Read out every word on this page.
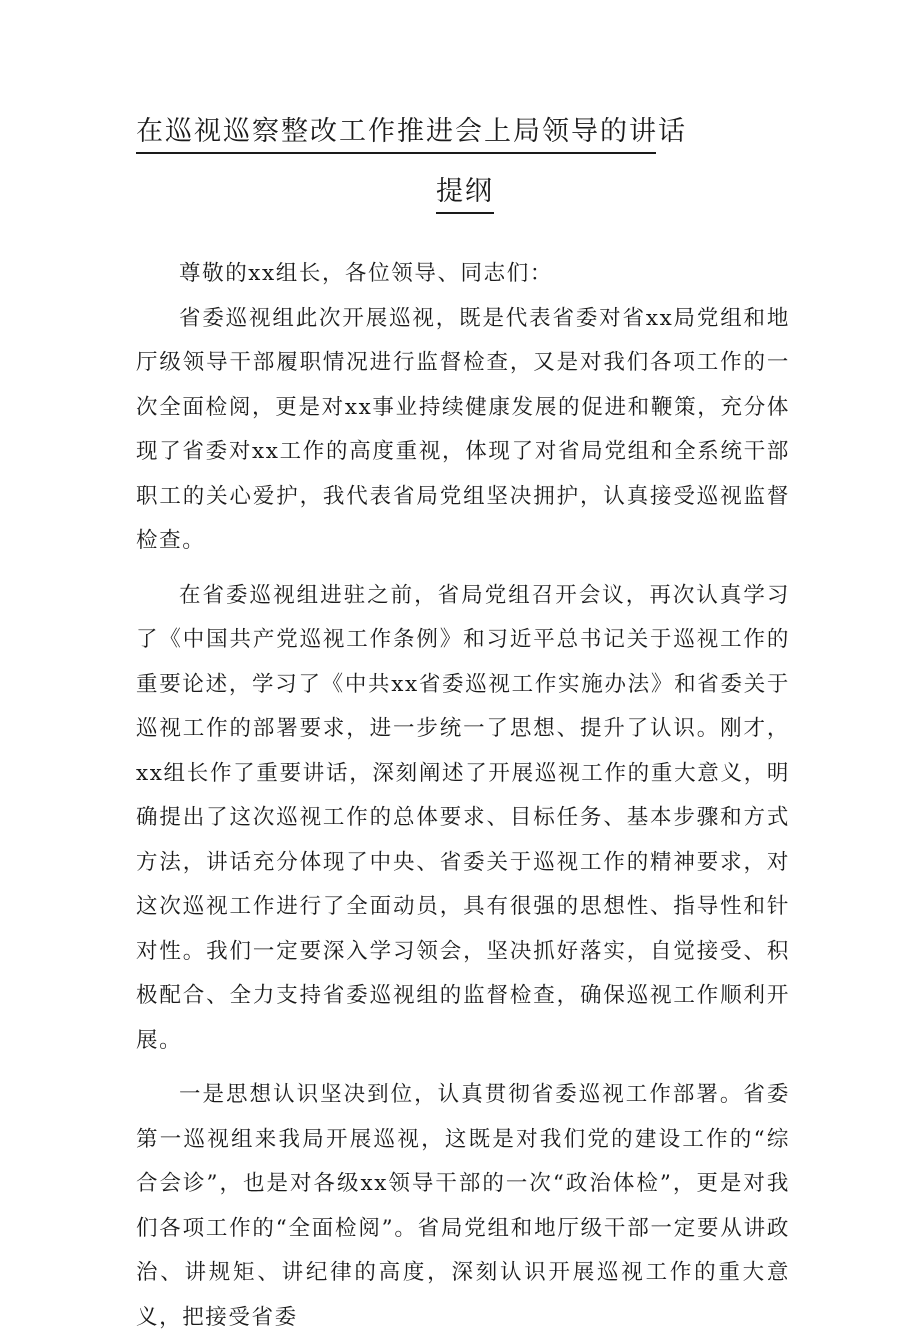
在巡视巡察整改工作推进会上局领导的讲话
提纲

尊敬的xx组长，各位领导、同志们：

省委巡视组此次开展巡视，既是代表省委对省xx局党组和地厅级领导干部履职情况进行监督检查，又是对我们各项工作的一次全面检阅，更是对xx事业持续健康发展的促进和鞭策，充分体现了省委对xx工作的高度重视，体现了对省局党组和全系统干部职工的关心爱护，我代表省局党组坚决拥护，认真接受巡视监督检查。

在省委巡视组进驻之前，省局党组召开会议，再次认真学习了《中国共产党巡视工作条例》和习近平总书记关于巡视工作的重要论述，学习了《中共xx省委巡视工作实施办法》和省委关于巡视工作的部署要求，进一步统一了思想、提升了认识。刚才，xx组长作了重要讲话，深刻阐述了开展巡视工作的重大意义，明确提出了这次巡视工作的总体要求、目标任务、基本步骤和方式方法，讲话充分体现了中央、省委关于巡视工作的精神要求，对这次巡视工作进行了全面动员，具有很强的思想性、指导性和针对性。我们一定要深入学习领会，坚决抓好落实，自觉接受、积极配合、全力支持省委巡视组的监督检查，确保巡视工作顺利开展。

一是思想认识坚决到位，认真贯彻省委巡视工作部署。省委第一巡视组来我局开展巡视，这既是对我们党的建设工作的“综合会诊”，也是对各级xx领导干部的一次“政治体检”，更是对我们各项工作的“全面检阅”。省局党组和地厅级干部一定要从讲政治、讲规矩、讲纪律的高度，深刻认识开展巡视工作的重大意义，把接受省委
